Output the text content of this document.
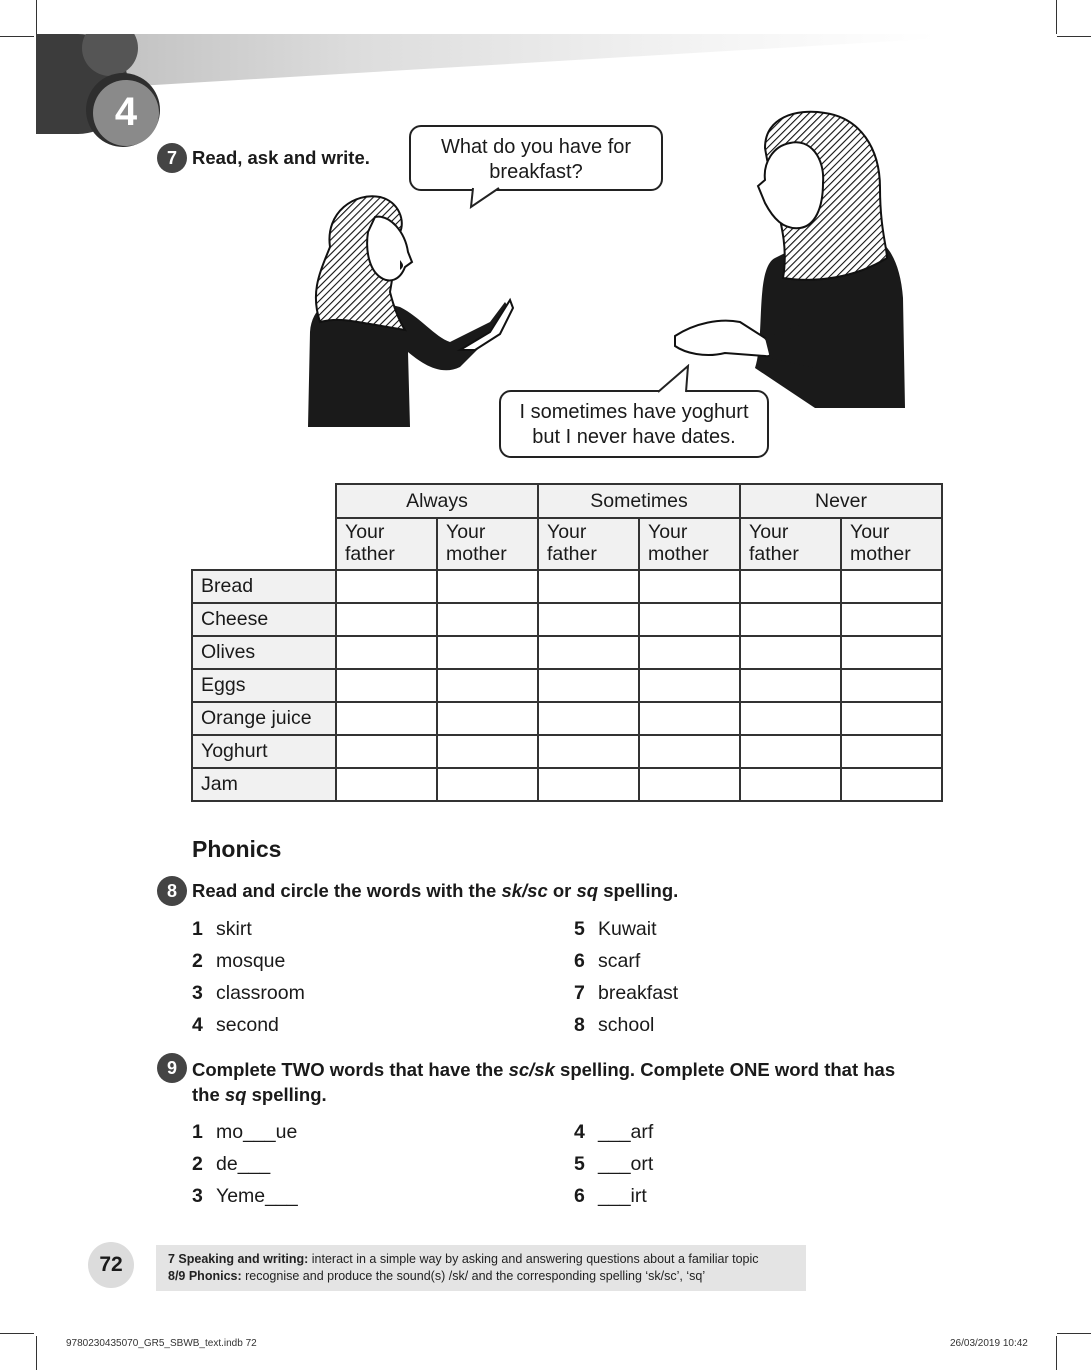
4
7 Read, ask and write.	What do you have for breakfast?
I sometimes have yoghurt but I never have dates.
	Always		Sometimes		Never	
	Your father	Your mother	Your father	Your mother	Your father	Your mother
Bread						
Cheese						
Olives						
Eggs						
Orange juice						
Yoghurt						
Jam						
Phonics
8 Read and circle the words with the sk/sc or sq spelling.
1 skirt
2 mosque
3 classroom
4 second
5 Kuwait
6 scarf
7 breakfast
8 school
9 Complete TWO words that have the sc/sk spelling. Complete ONE word that has
the sq spelling.
1 mo___ue
2 de___
3 Yeme___
4 ___arf
5 ___ort
6 ___irt
72	7 Speaking and writing: interact in a simple way by asking and answering questions about a familiar topic
8/9 Phonics: recognise and produce the sound(s) /sk/ and the corresponding spelling ‘sk/sc’, ‘sq’
9780230435070_GR5_SBWB_text.indb 72	26/03/2019 10:42
